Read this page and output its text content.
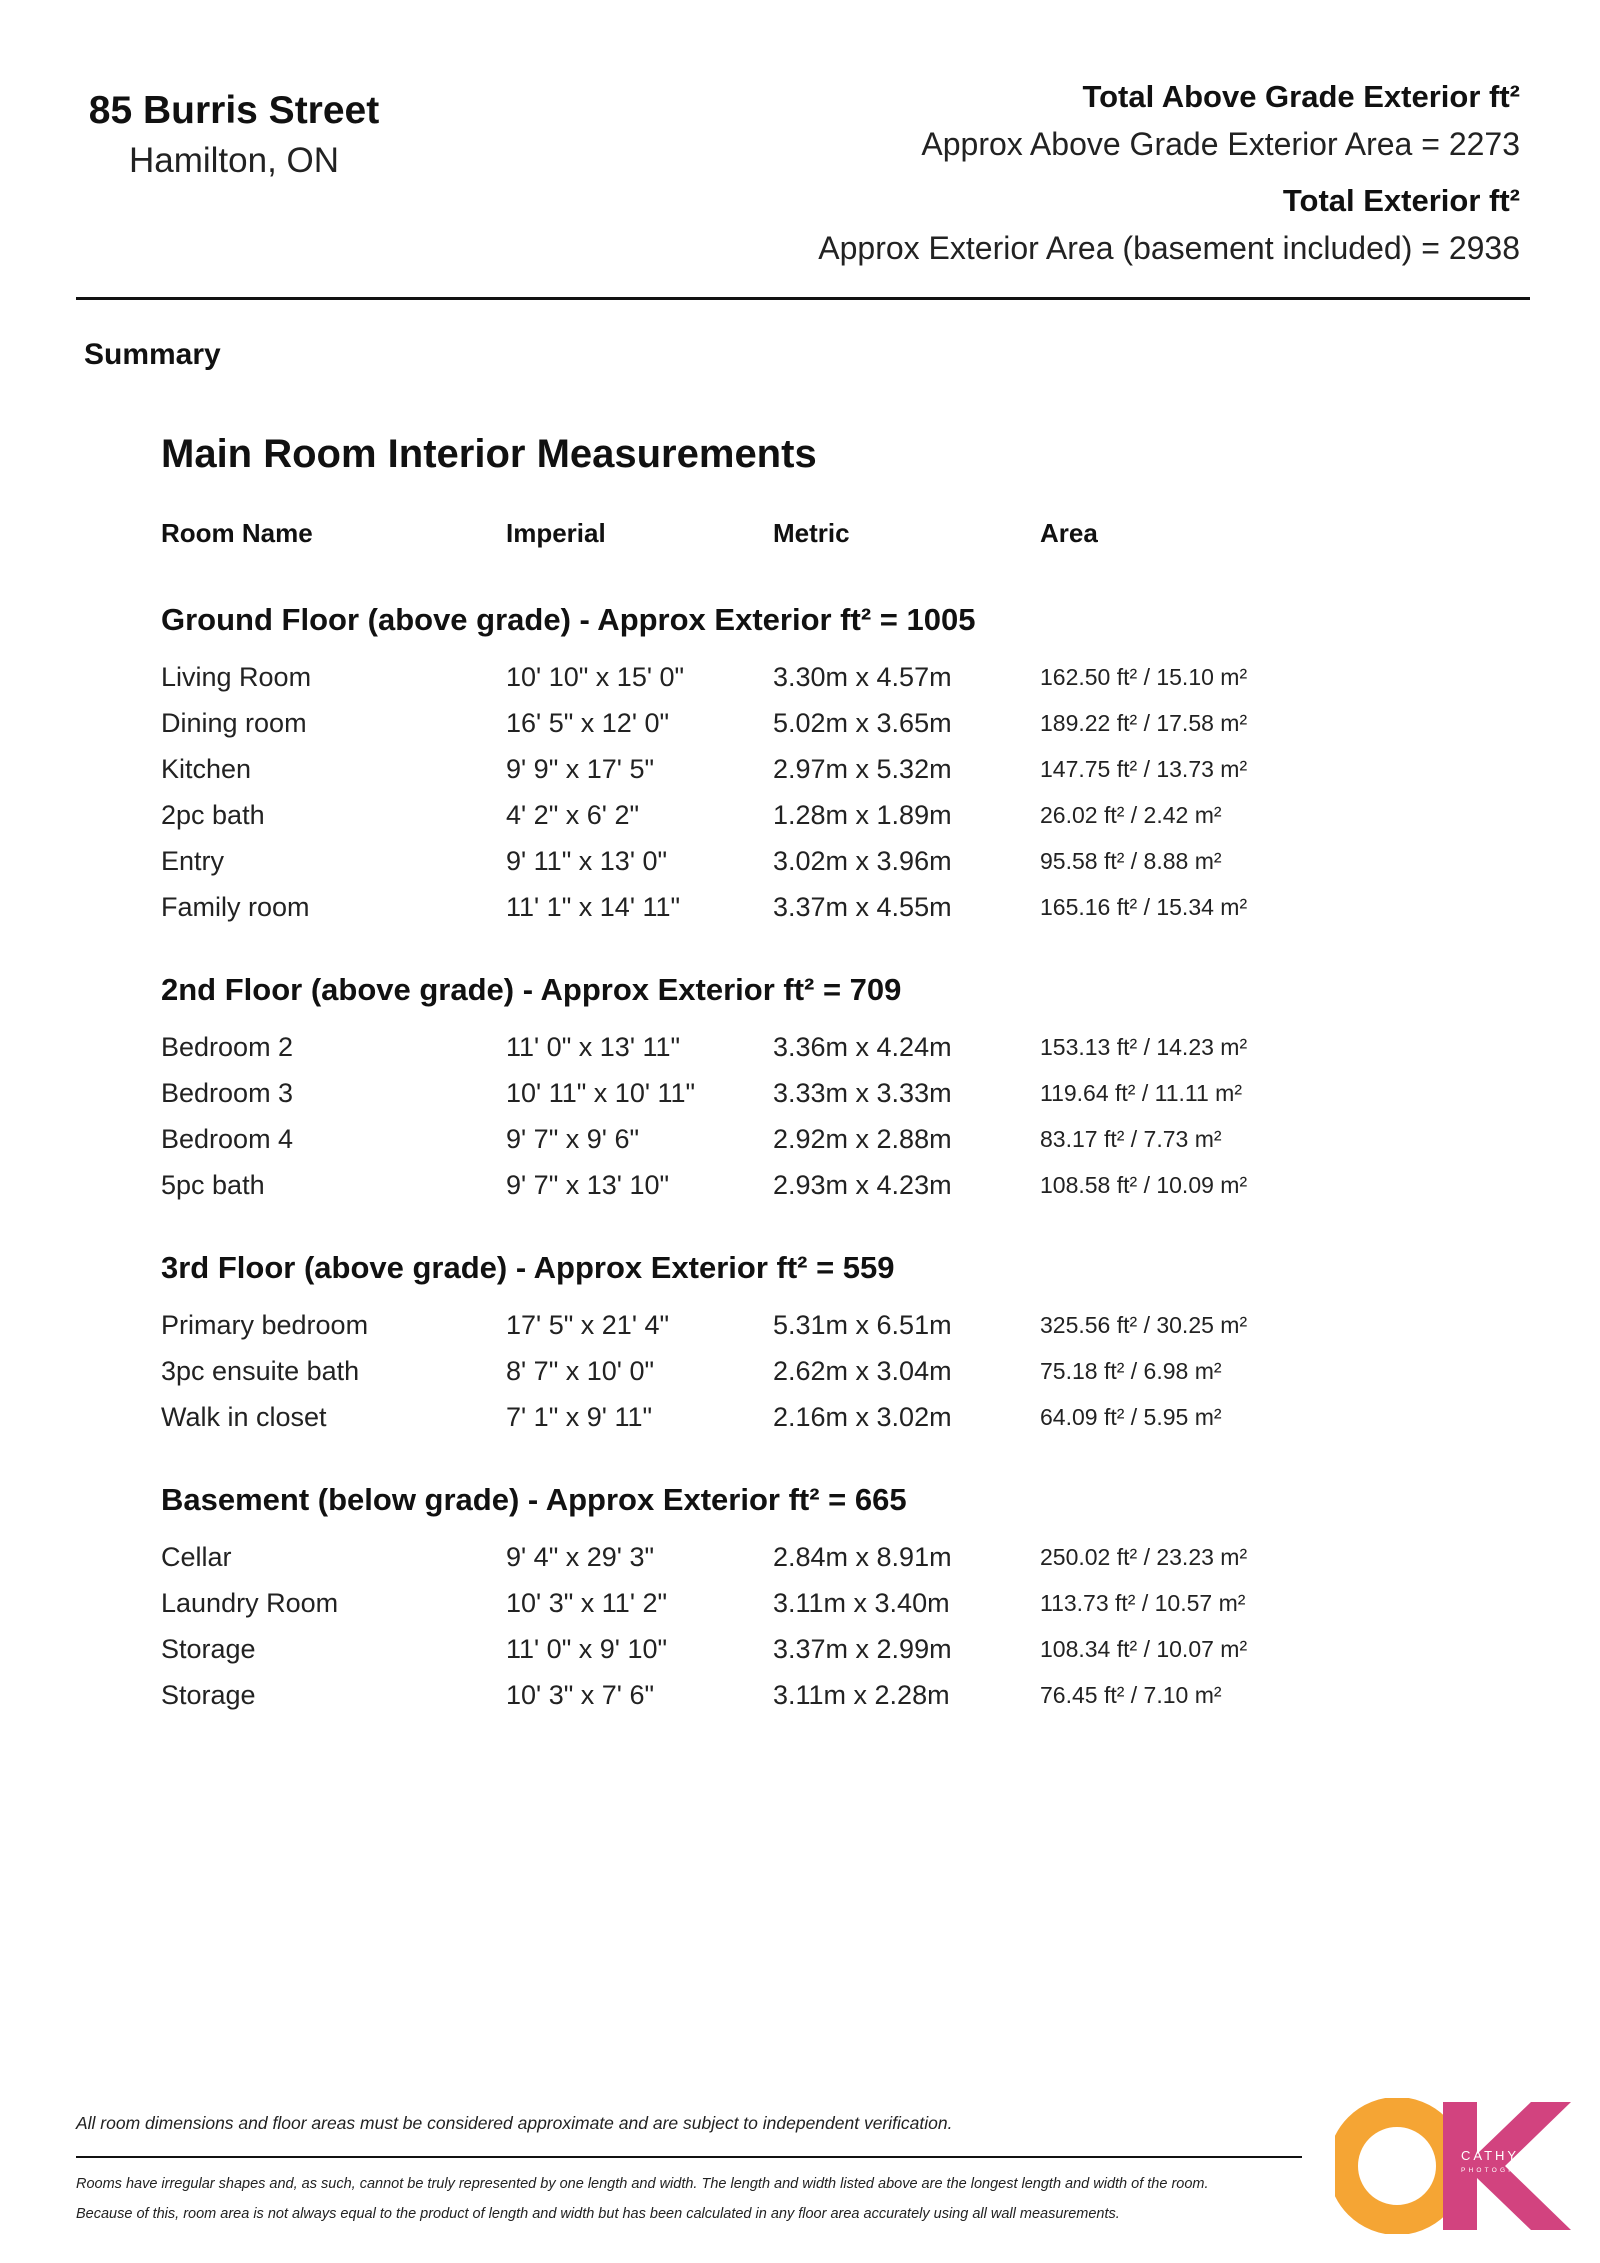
85 Burris Street
Hamilton, ON
Total Above Grade Exterior ft²
Approx Above Grade Exterior Area = 2273
Total Exterior ft²
Approx Exterior Area (basement included) = 2938
Summary
Main Room Interior Measurements
Room Name	Imperial	Metric	Area
Ground Floor (above grade) - Approx Exterior ft² = 1005
Living Room	10' 10" x 15' 0"	3.30m x 4.57m	162.50 ft² / 15.10 m²
Dining room	16' 5" x 12' 0"	5.02m x 3.65m	189.22 ft² / 17.58 m²
Kitchen	9' 9" x 17' 5"	2.97m x 5.32m	147.75 ft² / 13.73 m²
2pc bath	4' 2" x 6' 2"	1.28m x 1.89m	26.02 ft² / 2.42 m²
Entry	9' 11" x 13' 0"	3.02m x 3.96m	95.58 ft² / 8.88 m²
Family room	11' 1" x 14' 11"	3.37m x 4.55m	165.16 ft² / 15.34 m²
2nd Floor (above grade) - Approx Exterior ft² = 709
Bedroom 2	11' 0" x 13' 11"	3.36m x 4.24m	153.13 ft² / 14.23 m²
Bedroom 3	10' 11" x 10' 11"	3.33m x 3.33m	119.64 ft² / 11.11 m²
Bedroom 4	9' 7" x 9' 6"	2.92m x 2.88m	83.17 ft² / 7.73 m²
5pc bath	9' 7" x 13' 10"	2.93m x 4.23m	108.58 ft² / 10.09 m²
3rd Floor (above grade) - Approx Exterior ft² = 559
Primary bedroom	17' 5" x 21' 4"	5.31m x 6.51m	325.56 ft² / 30.25 m²
3pc ensuite bath	8' 7" x 10' 0"	2.62m x 3.04m	75.18 ft² / 6.98 m²
Walk in closet	7' 1" x 9' 11"	2.16m x 3.02m	64.09 ft² / 5.95 m²
Basement (below grade) - Approx Exterior ft² = 665
Cellar	9' 4" x 29' 3"	2.84m x 8.91m	250.02 ft² / 23.23 m²
Laundry Room	10' 3" x 11' 2"	3.11m x 3.40m	113.73 ft² / 10.57 m²
Storage	11' 0" x 9' 10"	3.37m x 2.99m	108.34 ft² / 10.07 m²
Storage	10' 3" x 7' 6"	3.11m x 2.28m	76.45 ft² / 7.10 m²
All room dimensions and floor areas must be considered approximate and are subject to independent verification.
Rooms have irregular shapes and, as such, cannot be truly represented by one length and width. The length and width listed above are the longest length and width of the room.
Because of this, room area is not always equal to the product of length and width but has been calculated in any floor area accurately using all wall measurements.
CATHY KOOP
PHOTOGRAPHY
